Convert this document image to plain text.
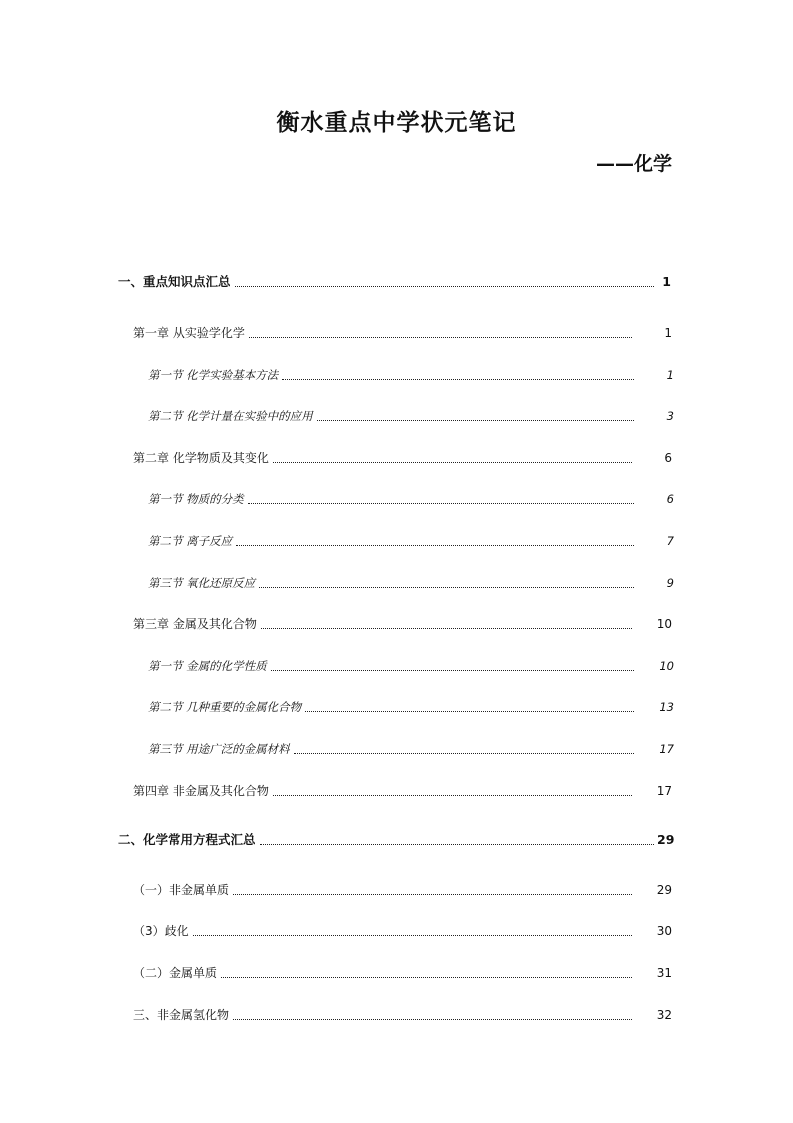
衡水重点中学状元笔记
——化学
一、重点知识点汇总	1
第一章 从实验学化学	1
第一节 化学实验基本方法	1
第二节 化学计量在实验中的应用	3
第二章 化学物质及其变化	6
第一节 物质的分类	6
第二节 离子反应	7
第三节 氧化还原反应	9
第三章 金属及其化合物	10
第一节 金属的化学性质	10
第二节 几种重要的金属化合物	13
第三节 用途广泛的金属材料	17
第四章 非金属及其化合物	17
二、化学常用方程式汇总	29
（一）非金属单质	29
（3）歧化	30
（二）金属单质	31
三、非金属氢化物	32
